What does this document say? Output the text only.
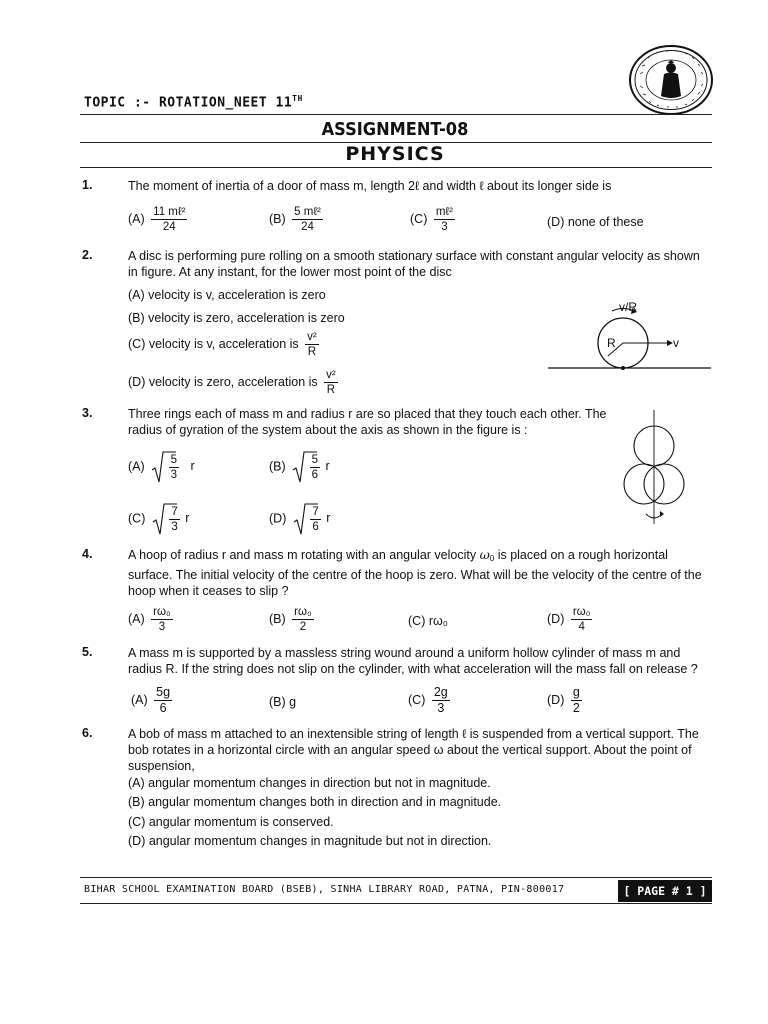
TOPIC :- ROTATION_NEET 11TH
ASSIGNMENT-08
PHYSICS
1.	The moment of inertia of a door of mass m, length 2ℓ and width ℓ about its longer side is
$(A) \frac{\text{11 mℓ²}}{24}$	$(B) \frac{\text{5 mℓ²}}{24}$	$(C) \frac{\text{mℓ²}}{3}$	(D) none of these
2.	A disc is performing pure rolling on a smooth stationary surface with constant angular velocity as shown in figure. At any instant, for the lower most point of the disc
(A) velocity is v, acceleration is zero
(B) velocity is zero, acceleration is zero
(C) velocity is v, acceleration is $\frac{\text{v²}}{R}$
(D) velocity is zero, acceleration is $\frac{\text{v²}}{R}$
v/R
R	v
3.	Three rings each of mass m and radius r are so placed that they touch each other. The radius of gyration of the system about the axis as shown in the figure is :
(A)
$\frac{5}{3}$ r	(B)
$\frac{5}{6}$ r
(C)
$\frac{7}{3}$ r	(D)
$\frac{7}{6}$ r
4.	A hoop of radius r and mass m rotating with an angular velocity $\omega_0$ is placed on a rough horizontal surface. The initial velocity of the centre of the hoop is zero. What will be the velocity of the centre of the hoop when it ceases to slip ?
$(A) \frac{\text{rω₀}}{3}$	$(B) \frac{\text{rω₀}}{2}$	(C) rω₀	$(D) \frac{\text{rω₀}}{4}$
5.	A mass m is supported by a massless string wound around a uniform hollow cylinder of mass m and radius R. If the string does not slip on the cylinder, with what acceleration will the mass fall on release ?
$(A) \frac{5g}{6}$	(B) g	$(C) \frac{2g}{3}$	$(D) \frac{g}{2}$
6.	A bob of mass m attached to an inextensible string of length ℓ is suspended from a vertical support. The bob rotates in a horizontal circle with an angular speed ω about the vertical support. About the point of suspension,
(A) angular momentum changes in direction but not in magnitude.
(B) angular momentum changes both in direction and in magnitude.
(C) angular momentum is conserved.
(D) angular momentum changes in magnitude but not in direction.
BIHAR SCHOOL EXAMINATION BOARD (BSEB), SINHA LIBRARY ROAD, PATNA, PIN-800017	[ PAGE # 1 ]
